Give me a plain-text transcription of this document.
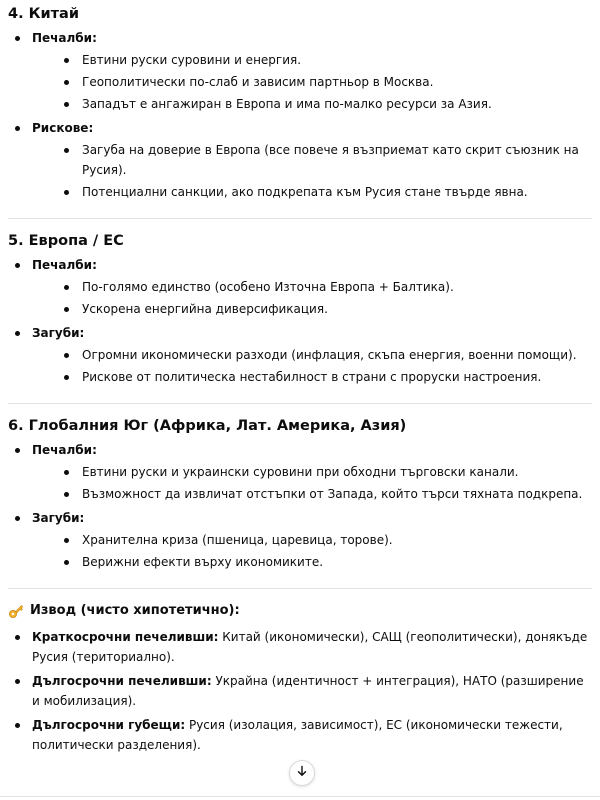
4. Китай
Печалби:
Евтини руски суровини и енергия.
Геополитически по-слаб и зависим партньор в Москва.
Западът е ангажиран в Европа и има по-малко ресурси за Азия.
Рискове:
Загуба на доверие в Европа (все повече я възприемат като скрит съюзник на Русия).
Потенциални санкции, ако подкрепата към Русия стане твърде явна.
5. Европа / ЕС
Печалби:
По-голямо единство (особено Източна Европа + Балтика).
Ускорена енергийна диверсификация.
Загуби:
Огромни икономически разходи (инфлация, скъпа енергия, военни помощи).
Рискове от политическа нестабилност в страни с проруски настроения.
6. Глобалния Юг (Африка, Лат. Америка, Азия)
Печалби:
Евтини руски и украински суровини при обходни търговски канали.
Възможност да извличат отстъпки от Запада, който търси тяхната подкрепа.
Загуби:
Хранителна криза (пшеница, царевица, торове).
Верижни ефекти върху икономиките.
Извод (чисто хипотетично):
Краткосрочни печеливши: Китай (икономически), САЩ (геополитически), донякъде Русия (териториално).
Дългосрочни печеливши: Украйна (идентичност + интеграция), НАТО (разширение и мобилизация).
Дългосрочни губещи: Русия (изолация, зависимост), ЕС (икономически тежести, политически разделения).
